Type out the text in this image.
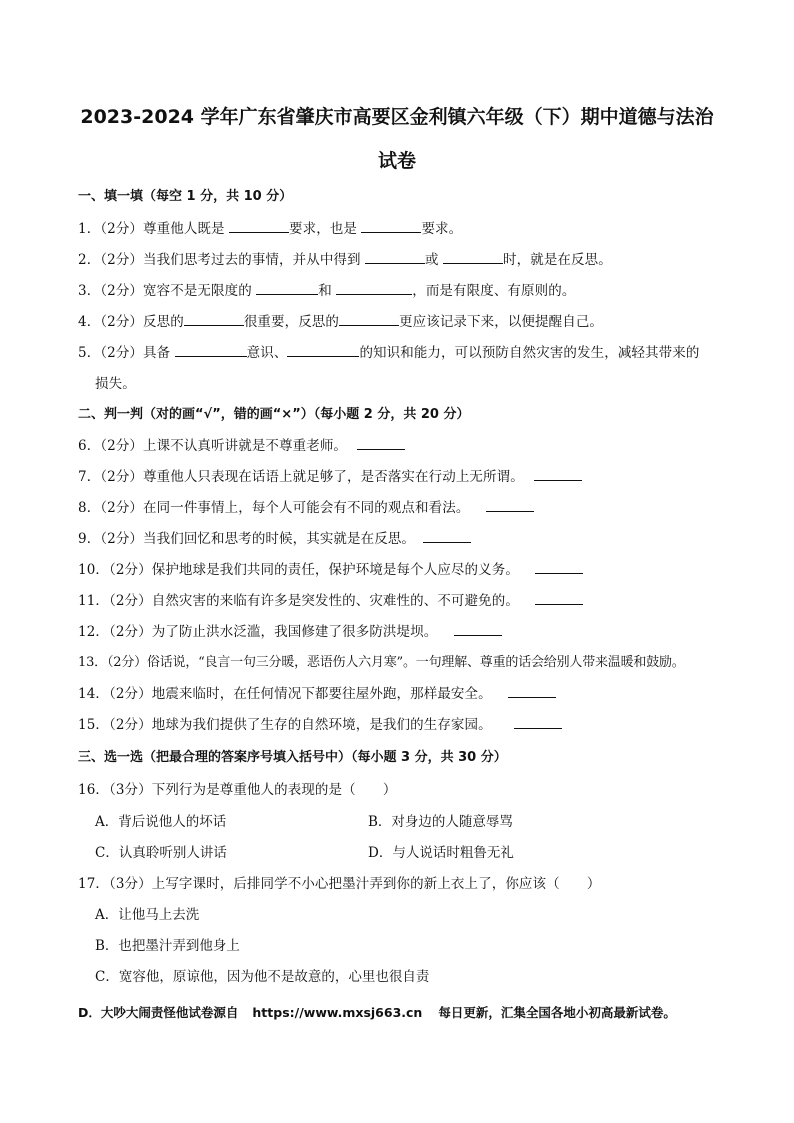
2023-2024 学年广东省肇庆市高要区金利镇六年级（下）期中道德与法治
试卷
一、填一填（每空 1 分，共 10 分）
1．（2分）尊重他人既是	要求，也是	要求。
2．（2分）当我们思考过去的事情，并从中得到	或	时，就是在反思。
3．（2分）宽容不是无限度的	和	，而是有限度、有原则的。
4．（2分）反思的	很重要，反思的	更应该记录下来，以便提醒自己。
5．（2分）具备	意识、	的知识和能力，可以预防自然灾害的发生，减轻其带来的
损失。
二、判一判（对的画“√”，错的画“×”）（每小题 2 分，共 20 分）
6．（2分）上课不认真听讲就是不尊重老师。
7．（2分）尊重他人只表现在话语上就足够了，是否落实在行动上无所谓。
8．（2分）在同一件事情上，每个人可能会有不同的观点和看法。
9．（2分）当我们回忆和思考的时候，其实就是在反思。
10．（2分）保护地球是我们共同的责任，保护环境是每个人应尽的义务。
11．（2分）自然灾害的来临有许多是突发性的、灾难性的、不可避免的。
12．（2分）为了防止洪水泛滥，我国修建了很多防洪堤坝。
13．（2分）俗话说，“良言一句三分暖，恶语伤人六月寒”。一句理解、尊重的话会给别人带来温暖和鼓励。
14．（2分）地震来临时，在任何情况下都要往屋外跑，那样最安全。
15．（2分）地球为我们提供了生存的自然环境，是我们的生存家园。
三、选一选（把最合理的答案序号填入括号中）（每小题 3 分，共 30 分）
16．（3分）下列行为是尊重他人的表现的是（　　）
A．背后说他人的坏话	B．对身边的人随意辱骂
C．认真聆听别人讲话	D．与人说话时粗鲁无礼
17．（3分）上写字课时，后排同学不小心把墨汁弄到你的新上衣上了，你应该（　　）
A．让他马上去洗
B．也把墨汁弄到他身上
C．宽容他，原谅他，因为他不是故意的，心里也很自责
D．大吵大闹责怪他试卷源自 https://www.mxsj663.cn 每日更新，汇集全国各地小初高最新试卷。
